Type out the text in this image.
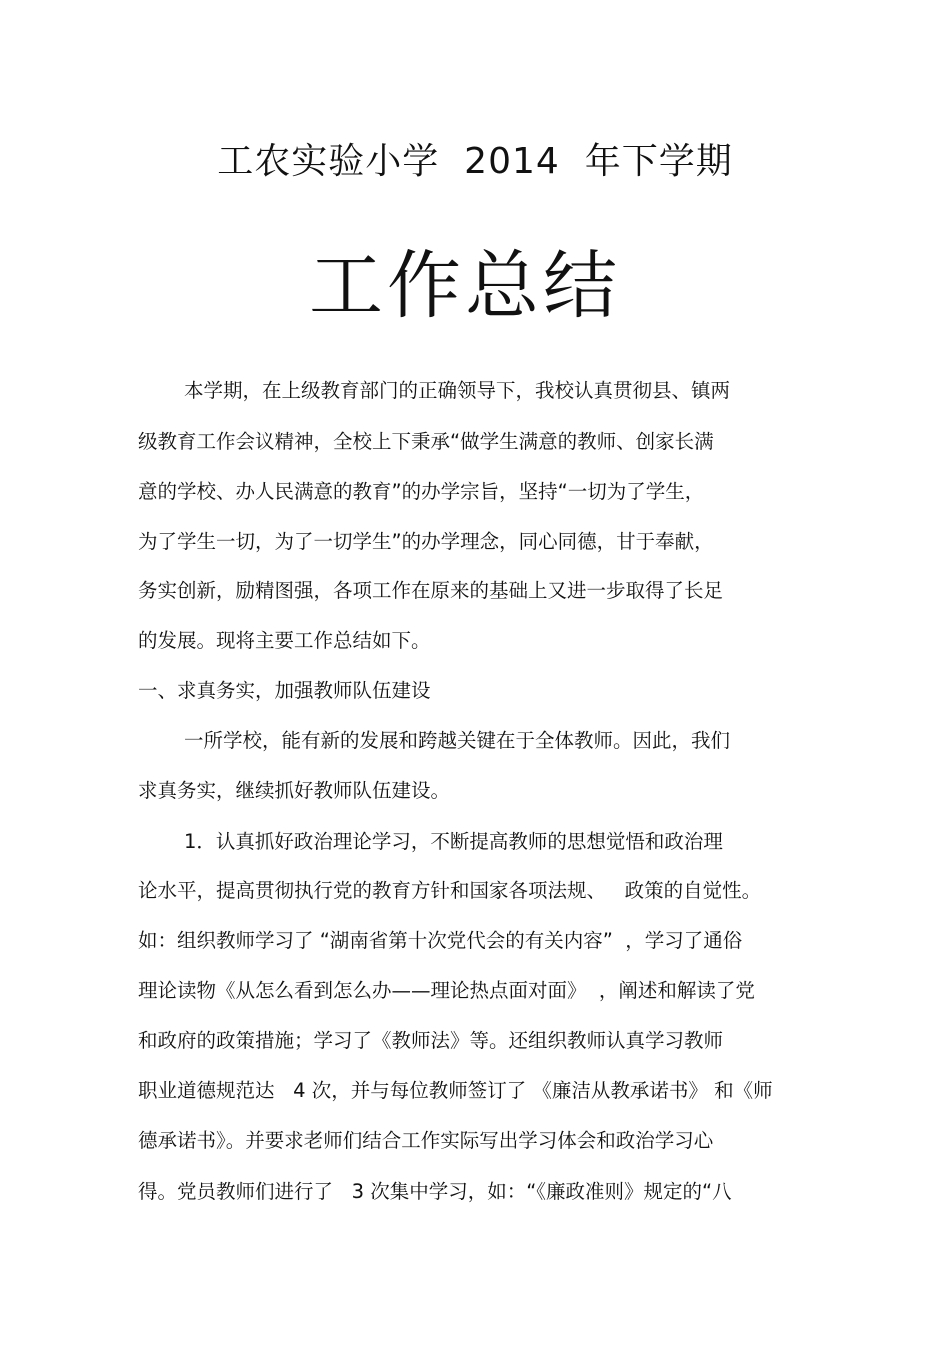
工农实验小学  2014  年下学期
工作总结
本学期，在上级教育部门的正确领导下，我校认真贯彻县、镇两
级教育工作会议精神，全校上下秉承“做学生满意的教师、创家长满
意的学校、办人民满意的教育”的办学宗旨，坚持“一切为了学生，
为了学生一切，为了一切学生”的办学理念，同心同德，甘于奉献，
务实创新，励精图强，各项工作在原来的基础上又进一步取得了长足
的发展。现将主要工作总结如下。
一、求真务实，加强教师队伍建设
一所学校，能有新的发展和跨越关键在于全体教师。因此，我们
求真务实，继续抓好教师队伍建设。
1．认真抓好政治理论学习，不断提高教师的思想觉悟和政治理
论水平，提高贯彻执行党的教育方针和国家各项法规、   政策的自觉性。
如：组织教师学习了 “湖南省第十次党代会的有关内容”  ，学习了通俗
理论读物《从怎么看到怎么办——理论热点面对面》  ，阐述和解读了党
和政府的政策措施；学习了《教师法》等。还组织教师认真学习教师
职业道德规范达   4 次，并与每位教师签订了 《廉洁从教承诺书》 和《师
德承诺书》。并要求老师们结合工作实际写出学习体会和政治学习心
得。党员教师们进行了   3 次集中学习，如：“《廉政准则》规定的“八
